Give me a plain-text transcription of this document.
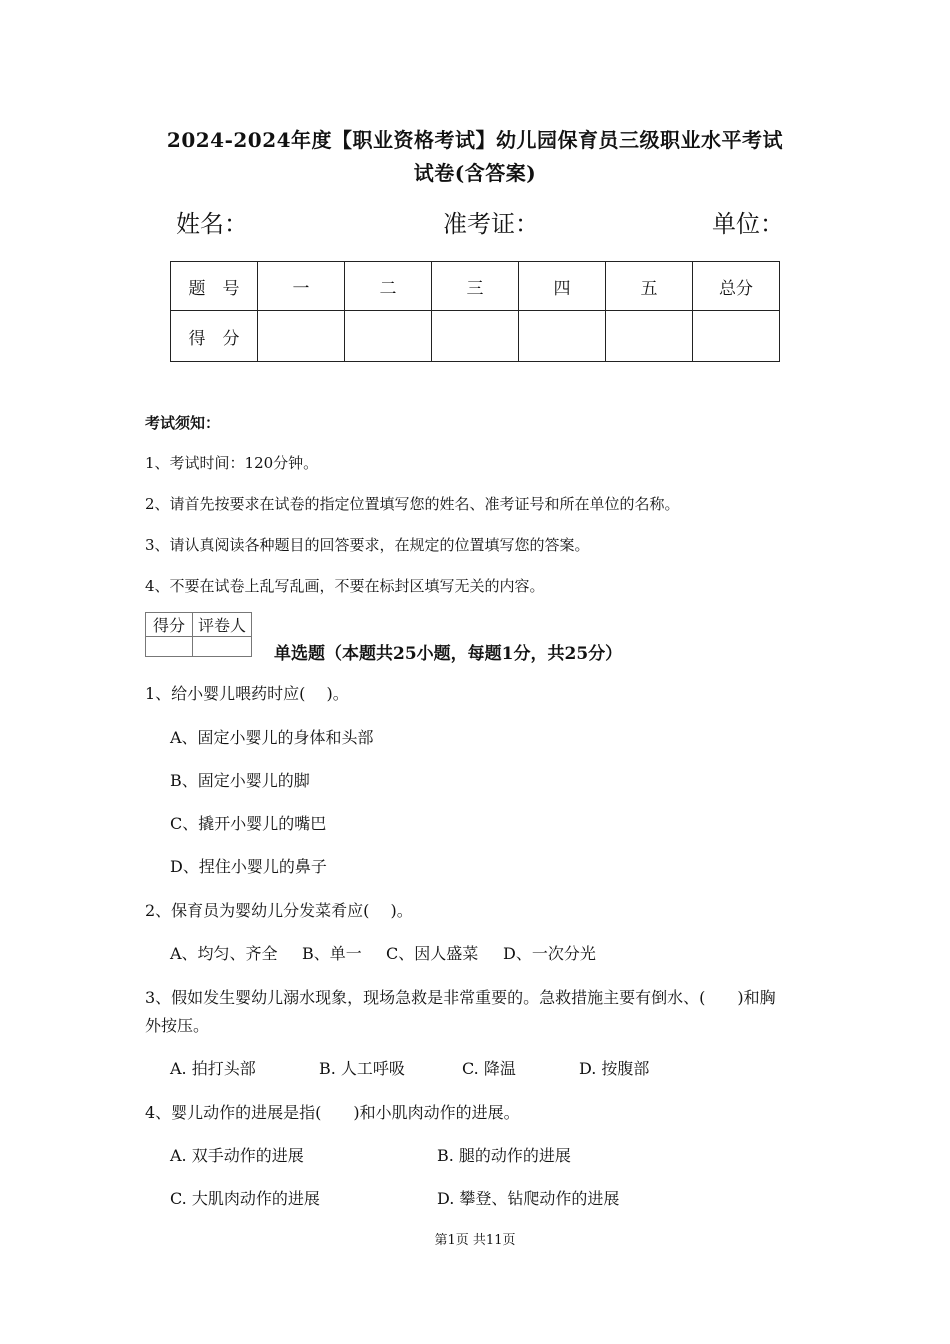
2024-2024年度【职业资格考试】幼儿园保育员三级职业水平考试
试卷(含答案)
姓名：	准考证：	单位：
题　号	一	二	三	四	五	总分
得　分						
考试须知：
1、考试时间：120分钟。
2、请首先按要求在试卷的指定位置填写您的姓名、准考证号和所在单位的名称。
3、请认真阅读各种题目的回答要求，在规定的位置填写您的答案。
4、不要在试卷上乱写乱画，不要在标封区填写无关的内容。
得分	评卷人

单选题（本题共25小题，每题1分，共25分）
1、给小婴儿喂药时应(　 )。
A、固定小婴儿的身体和头部
B、固定小婴儿的脚
C、撬开小婴儿的嘴巴
D、捏住小婴儿的鼻子
2、保育员为婴幼儿分发菜肴应(　 )。
A、均匀、齐全 B、单一 C、因人盛菜 D、一次分光
3、假如发生婴幼儿溺水现象，现场急救是非常重要的。急救措施主要有倒水、(　　)和胸
外按压。
A. 拍打头部	B. 人工呼吸	C. 降温	D. 按腹部
4、婴儿动作的进展是指(　　)和小肌肉动作的进展。
A. 双手动作的进展	B. 腿的动作的进展
C. 大肌肉动作的进展	D. 攀登、钻爬动作的进展
第1页 共11页
